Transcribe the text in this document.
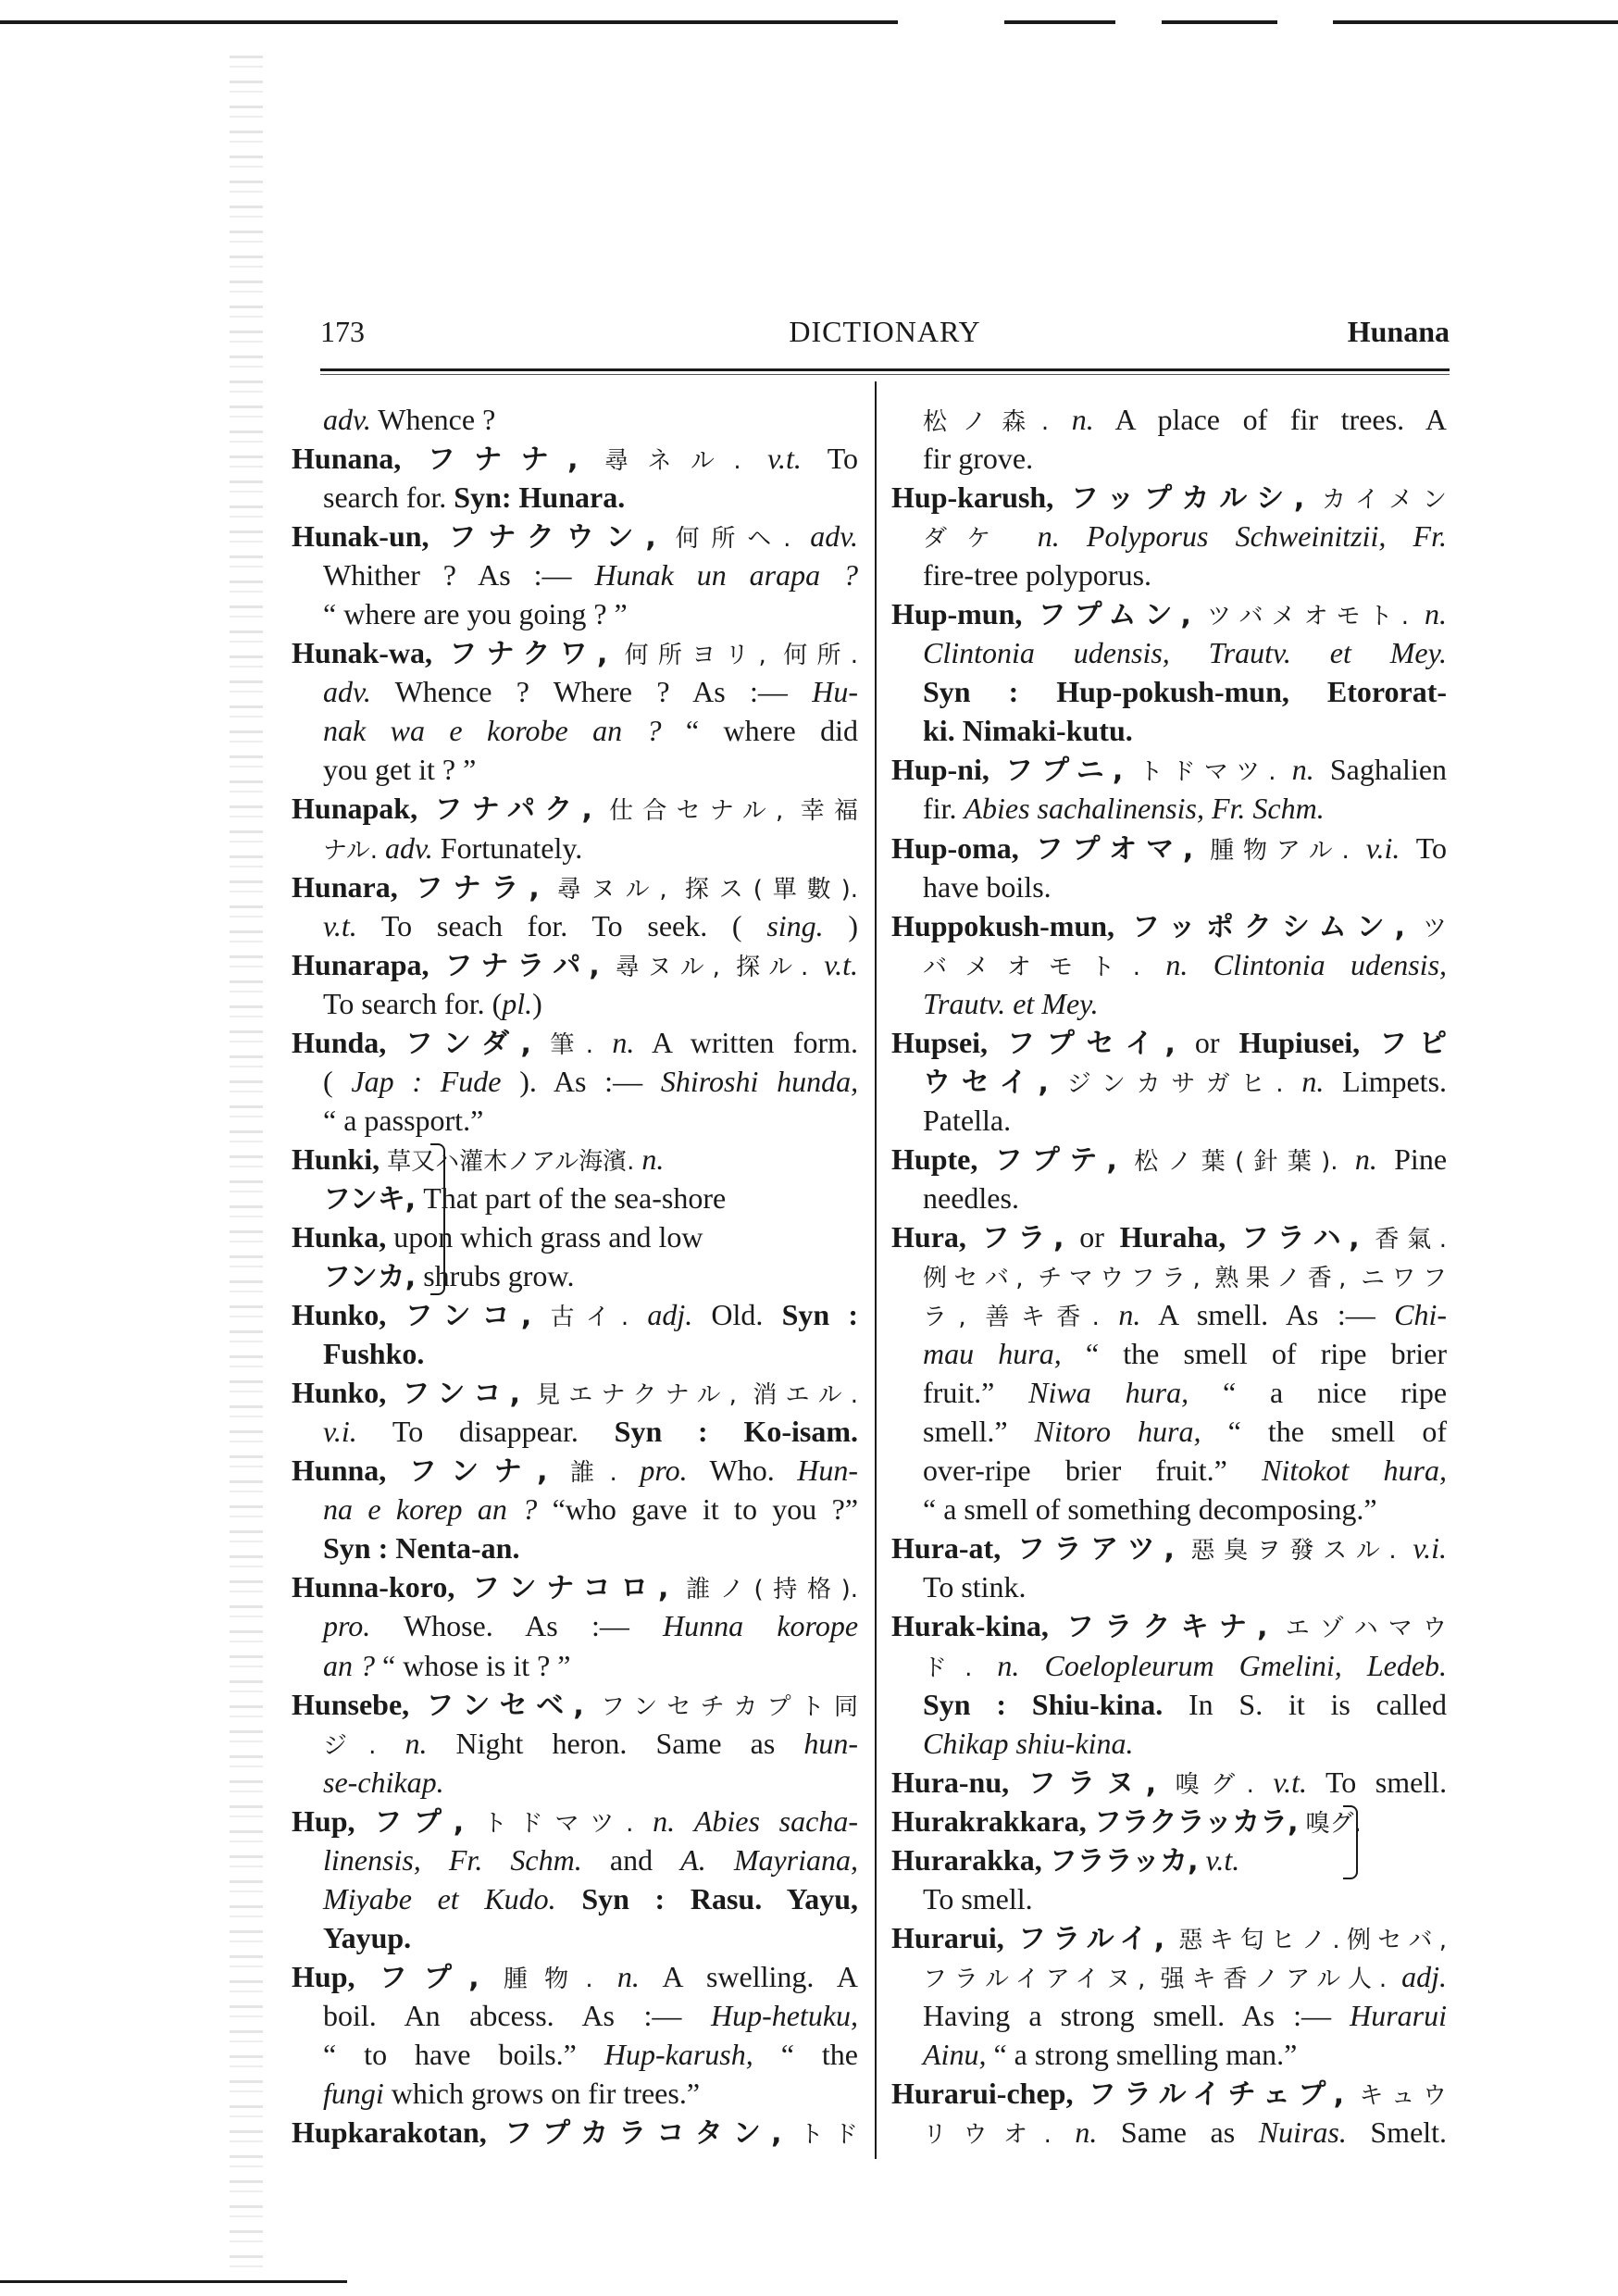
173	DICTIONARY	Hunana
adv. Whence ?
Hunana, フナナ, 尋ネル. v.t. To
search for. Syn: Hunara.
Hunak-un, フナクウン, 何所ヘ. adv.
Whither ? As :— Hunak un arapa ?
“ where are you going ? ”
Hunak-wa, フナクワ, 何所ヨリ, 何所.
adv. Whence ? Where ? As :— Hu-
nak wa e korobe an ? “ where did
you get it ? ”
Hunapak, フナパク, 仕合セナル, 幸福
ナル. adv. Fortunately.
Hunara, フナラ, 尋ヌル, 探ス(單數).
v.t. To seach for. To seek. ( sing. )
Hunarapa, フナラパ, 尋ヌル, 探ル. v.t.
To search for. (pl.)
Hunda, フンダ, 筆. n. A written form.
( Jap : Fude ). As :— Shiroshi hunda,
“ a passport.”
Hunki, 草又ハ灌木ノアル海濱. n.
フンキ, That part of the sea-shore
Hunka, upon which grass and low
フンカ, shrubs grow.
Hunko, フンコ, 古イ. adj. Old. Syn :
Fushko.
Hunko, フンコ, 見エナクナル, 消エル.
v.i. To disappear. Syn : Ko-isam.
Hunna, フンナ, 誰. pro. Who. Hun-
na e korep an ? “who gave it to you ?”
Syn : Nenta-an.
Hunna-koro, フンナコロ, 誰ノ(持格).
pro. Whose. As :— Hunna korope
an ? “ whose is it ? ”
Hunsebe, フンセベ, フンセチカプト同
ジ. n. Night heron. Same as hun-
se-chikap.
Hup, フプ, トドマツ. n. Abies sacha-
linensis, Fr. Schm. and A. Mayriana,
Miyabe et Kudo. Syn : Rasu. Yayu,
Yayup.
Hup, フプ, 腫物. n. A swelling. A
boil. An abcess. As :— Hup-hetuku,
“ to have boils.” Hup-karush, “ the
fungi which grows on fir trees.”
Hupkarakotan, フプカラコタン, トド
松ノ森. n. A place of fir trees. A
fir grove.
Hup-karush, フップカルシ, カイメン
ダケ n. Polyporus Schweinitzii, Fr.
fire-tree polyporus.
Hup-mun, フプムン, ツバメオモト. n.
Clintonia udensis, Trautv. et Mey.
Syn : Hup-pokush-mun, Etororat-
ki. Nimaki-kutu.
Hup-ni, フプニ, トドマツ. n. Saghalien
fir. Abies sachalinensis, Fr. Schm.
Hup-oma, フプオマ, 腫物アル. v.i. To
have boils.
Huppokush-mun, フッポクシムン, ツ
バメオモト. n. Clintonia udensis,
Trautv. et Mey.
Hupsei, フプセイ, or Hupiusei, フピ
ウセイ, ジンカサガヒ. n. Limpets.
Patella.
Hupte, フプテ, 松ノ葉(針葉). n. Pine
needles.
Hura, フラ, or Huraha, フラハ, 香氣.
例セバ, チマウフラ, 熟果ノ香, ニワフ
ラ, 善キ香. n. A smell. As :— Chi-
mau hura, “ the smell of ripe brier
fruit.” Niwa hura, “ a nice ripe
smell.” Nitoro hura, “ the smell of
over-ripe brier fruit.” Nitokot hura,
“ a smell of something decomposing.”
Hura-at, フラアツ, 惡臭ヲ發スル. v.i.
To stink.
Hurak-kina, フラクキナ, エゾハマウ
ド. n. Coelopleurum Gmelini, Ledeb.
Syn : Shiu-kina. In S. it is called
Chikap shiu-kina.
Hura-nu, フラヌ, 嗅グ. v.t. To smell.
Hurakrakkara, フラクラッカラ, 嗅グ.
Hurarakka, フララッカ, v.t.
To smell.
Hurarui, フラルイ, 惡キ匂ヒノ.例セバ,
フラルイアイヌ, 强キ香ノアル人. adj.
Having a strong smell. As :— Hurarui
Ainu, “ a strong smelling man.”
Hurarui-chep, フラルイチェプ, キュウ
リウオ. n. Same as Nuiras. Smelt.
